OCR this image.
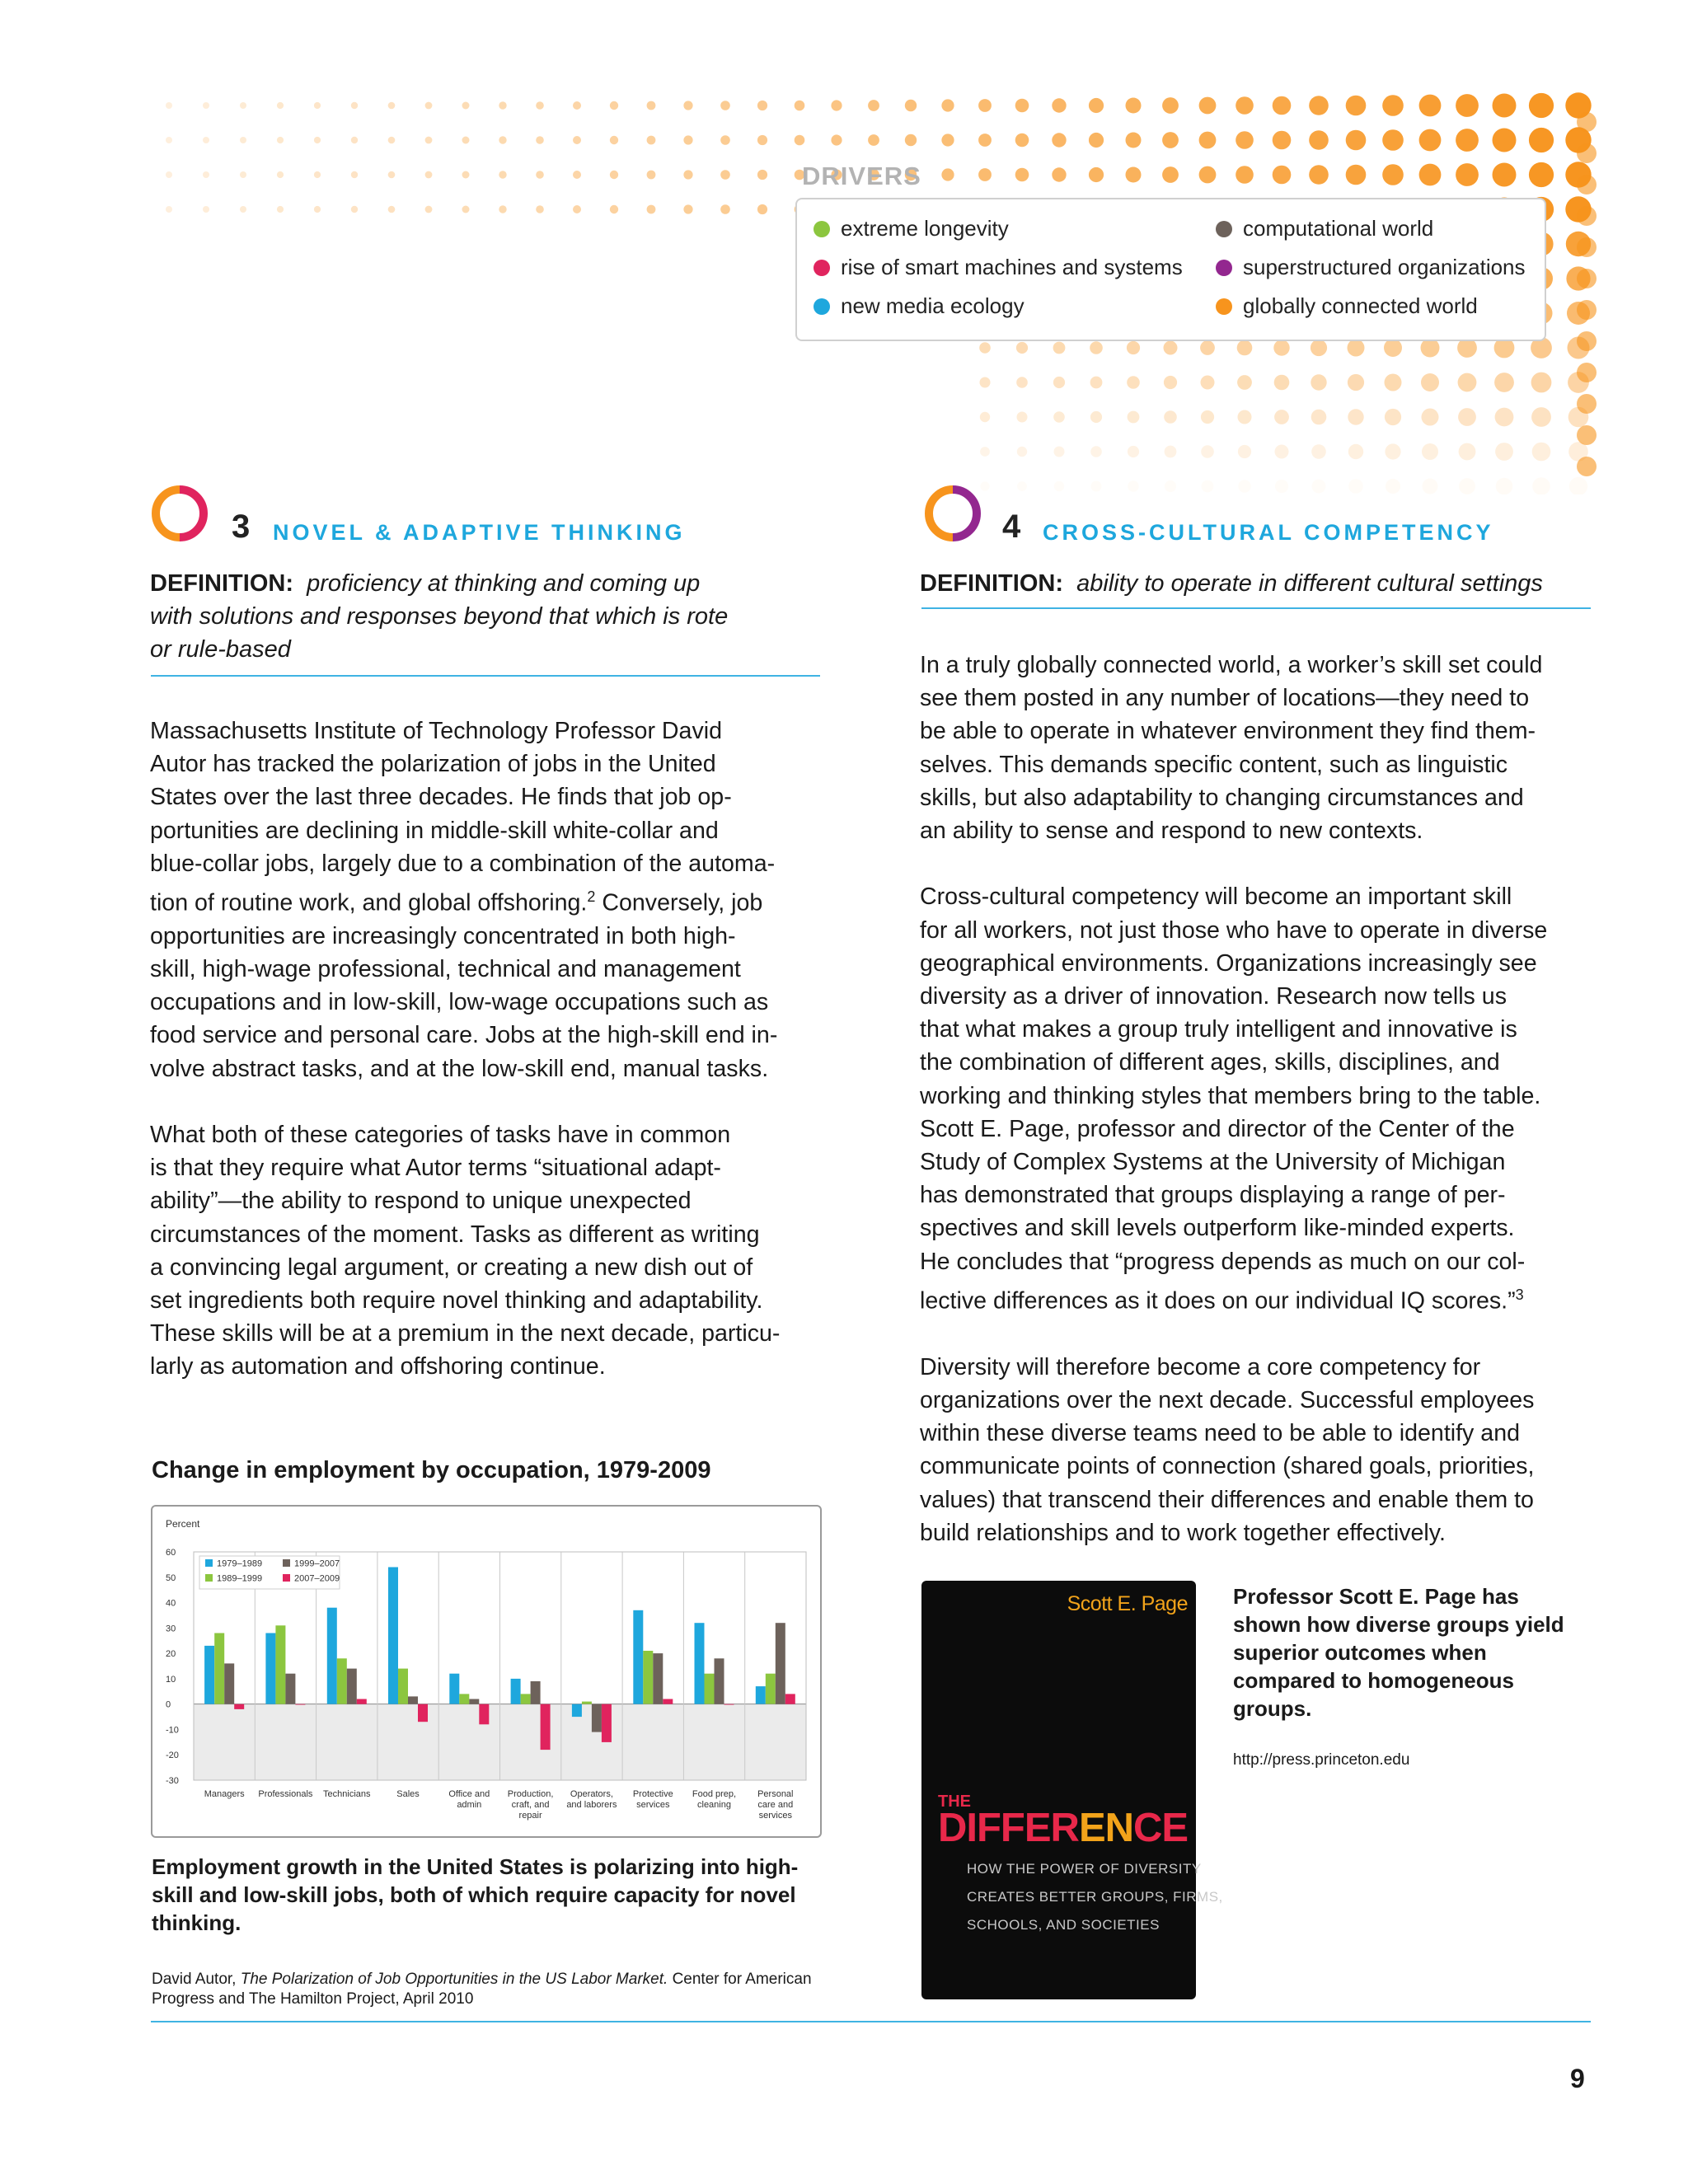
DRIVERS
extreme longevity
rise of smart machines and systems
new media ecology
computational world
superstructured organizations
globally connected world
3 NOVEL & ADAPTIVE THINKING
DEFINITION: proficiency at thinking and coming up
with solutions and responses beyond that which is rote
or rule-based

Massachusetts Institute of Technology Professor David

Autor has tracked the polarization of jobs in the United

States over the last three decades. He finds that job op-

portunities are declining in middle-skill white-collar and

blue-collar jobs, largely due to a combination of the automa-

tion of routine work, and global offshoring.$^2$ Conversely, job

opportunities are increasingly concentrated in both high-

skill, high-wage professional, technical and management

occupations and in low-skill, low-wage occupations such as

food service and personal care. Jobs at the high-skill end in-

volve abstract tasks, and at the low-skill end, manual tasks.

What both of these categories of tasks have in common

is that they require what Autor terms “situational adapt-

ability”—the ability to respond to unique unexpected

circumstances of the moment. Tasks as different as writing

a convincing legal argument, or creating a new dish out of

set ingredients both require novel thinking and adaptability.

These skills will be at a premium in the next decade, particu-

larly as automation and offshoring continue.

4 CROSS-CULTURAL COMPETENCY
DEFINITION: ability to operate in different cultural settings

In a truly globally connected world, a worker’s skill set could

see them posted in any number of locations—they need to

be able to operate in whatever environment they find them-

selves. This demands specific content, such as linguistic

skills, but also adaptability to changing circumstances and

an ability to sense and respond to new contexts.

Cross-cultural competency will become an important skill

for all workers, not just those who have to operate in diverse

geographical environments. Organizations increasingly see

diversity as a driver of innovation. Research now tells us

that what makes a group truly intelligent and innovative is

the combination of different ages, skills, disciplines, and

working and thinking styles that members bring to the table.

Scott E. Page, professor and director of the Center of the

Study of Complex Systems at the University of Michigan

has demonstrated that groups displaying a range of per-

spectives and skill levels outperform like-minded experts.

He concludes that “progress depends as much on our col-

lective differences as it does on our individual IQ scores.”$^3$

Diversity will therefore become a core competency for

organizations over the next decade. Successful employees

within these diverse teams need to be able to identify and

communicate points of connection (shared goals, priorities,

values) that transcend their differences and enable them to

build relationships and to work together effectively.

Change in employment by occupation, 1979-2009
Percent
60
50
40
30
20
10
0
-10
-20
-30
Managers Professionals Technicians	Sales	Office and
admin
Production,
craft, and
repair
Operators,
and laborers
Protective
services
Food prep,
cleaning
Personal
care and
services
1979–1989
1989–1999
1999–2007
2007–2009
Employment growth in the United States is polarizing into high-skill and low-skill jobs, both of which require capacity for novel thinking.
David Autor, The Polarization of Job Opportunities in the US Labor Market. Center for American Progress and The Hamilton Project, April 2010
Scott E. Page
THE
DIFFERENCE
HOW THE POWER OF DIVERSITY
CREATES BETTER GROUPS, FIRMS,
SCHOOLS, AND SOCIETIES
Professor Scott E. Page has shown how diverse groups yield superior outcomes when compared to homogeneous groups.
http://press.princeton.edu
9
